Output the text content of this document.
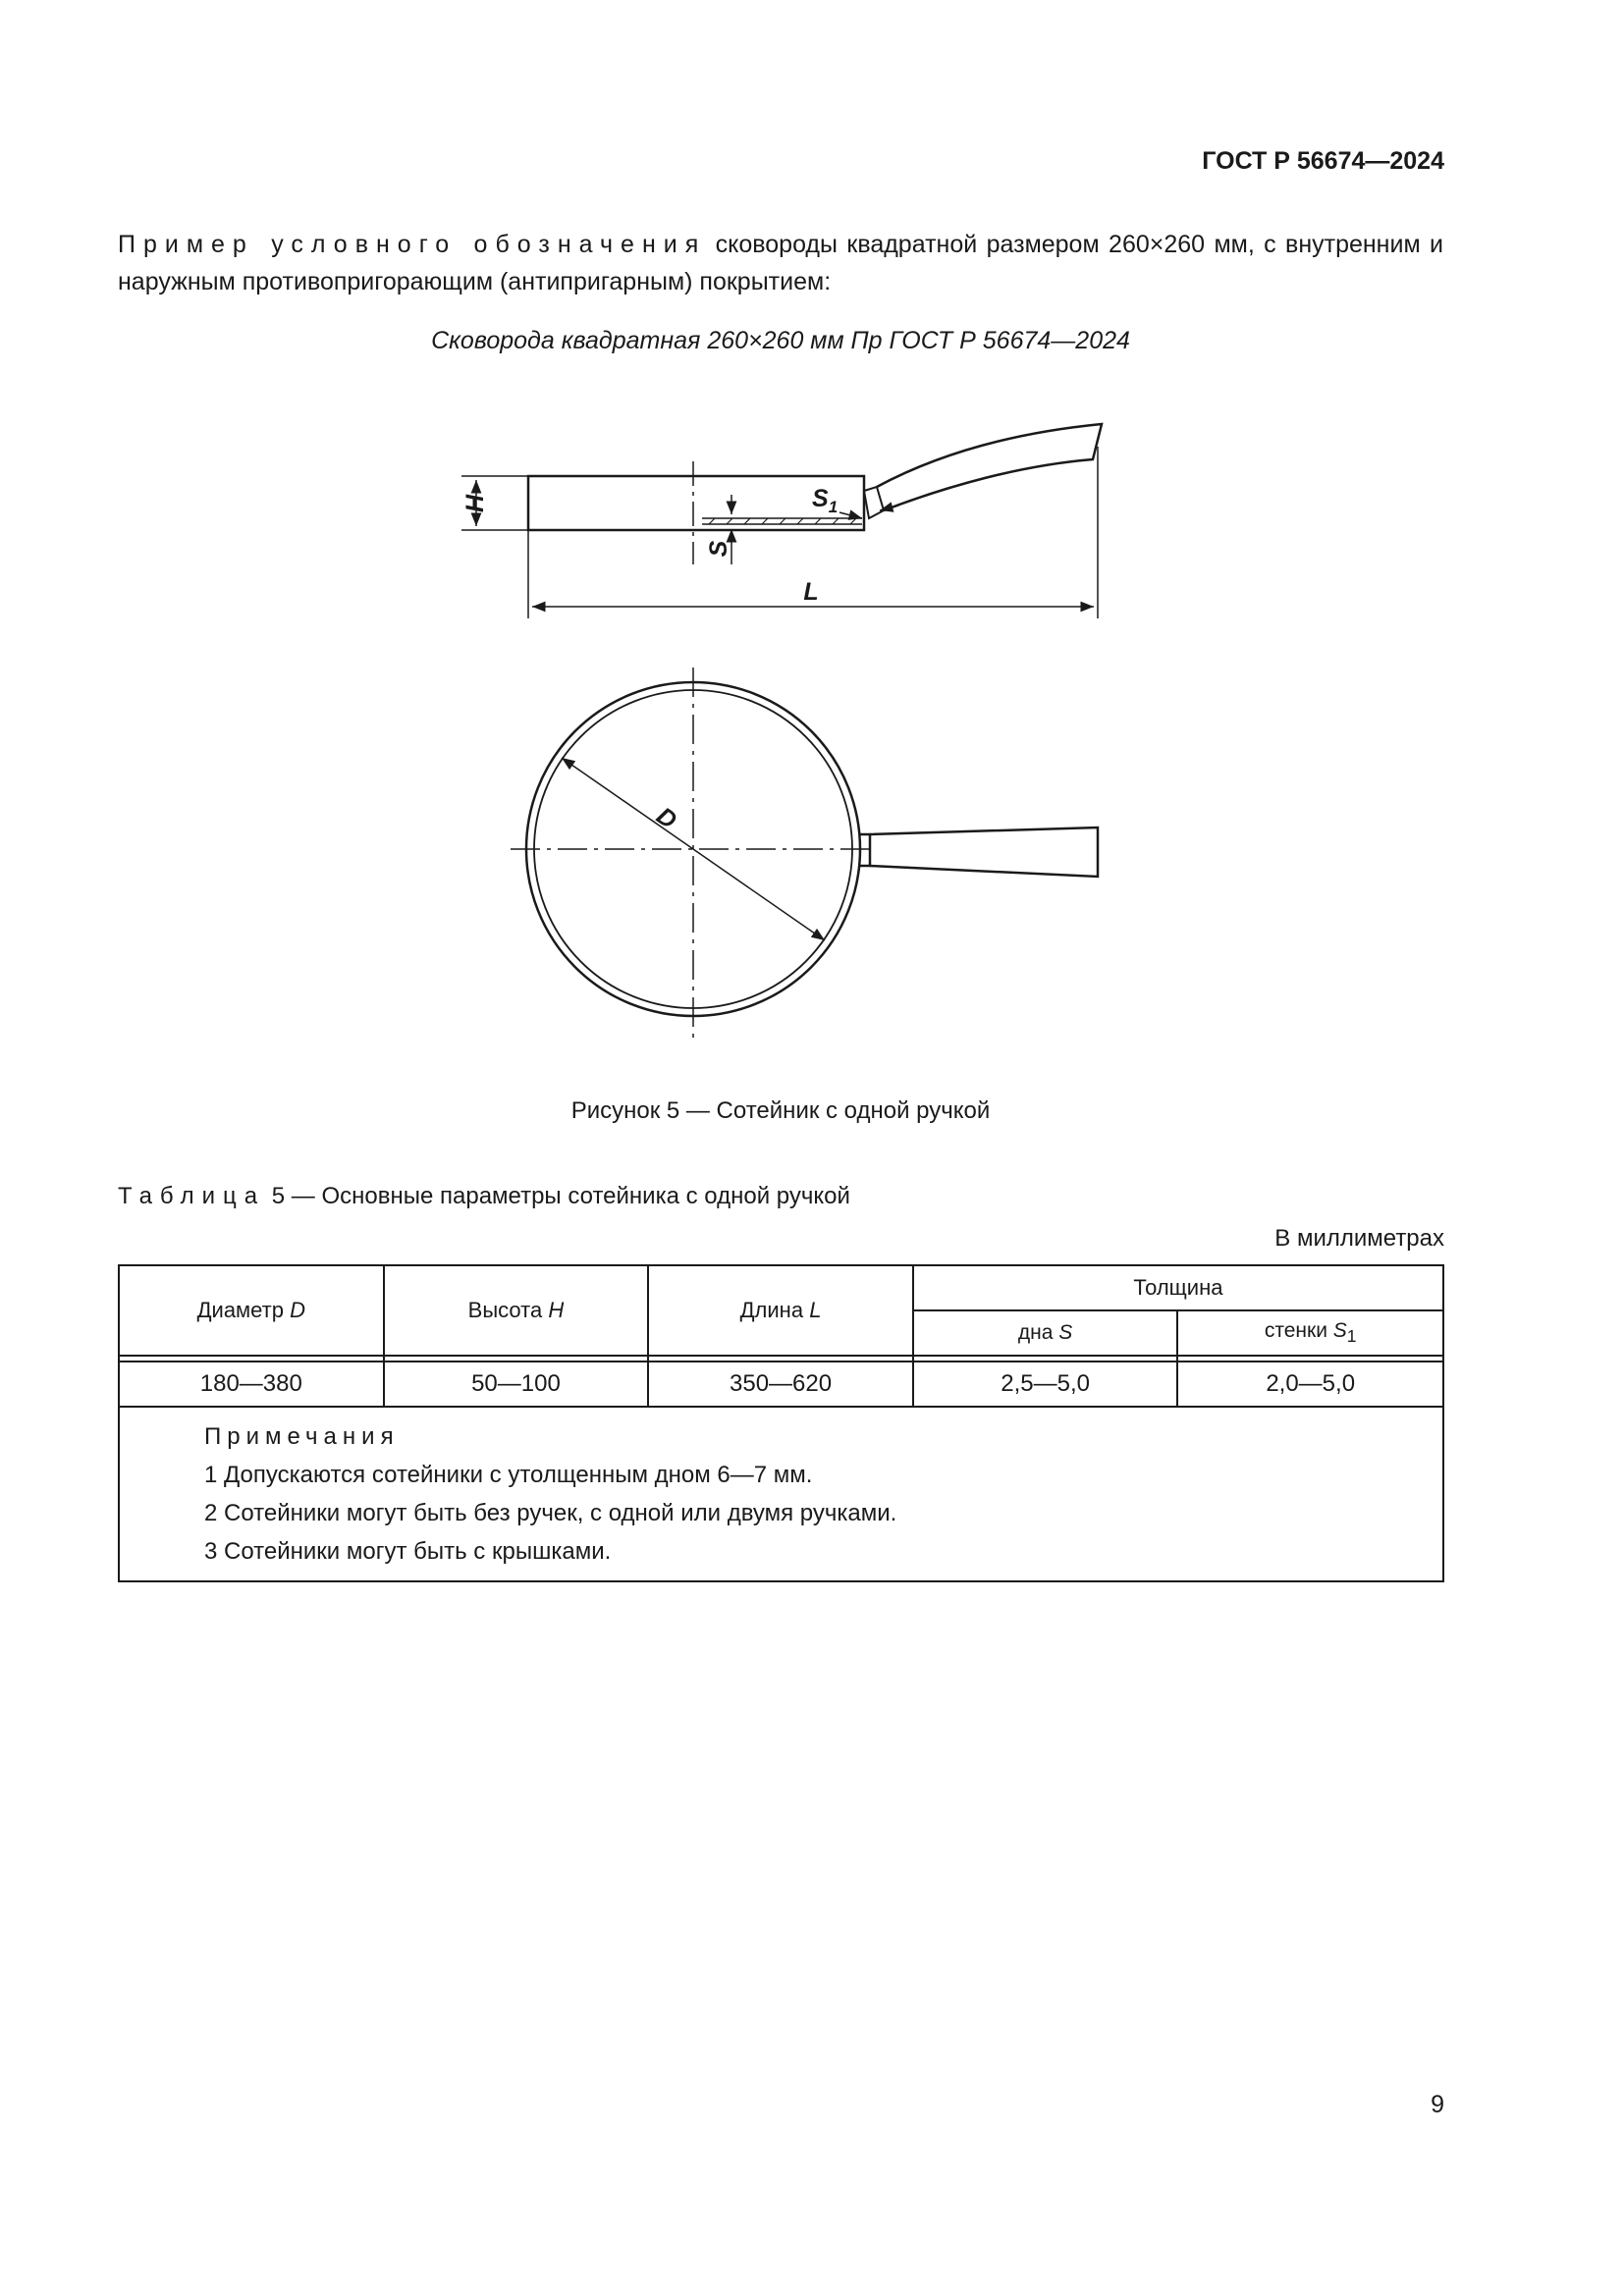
ГОСТ Р 56674—2024
Пример условного обозначения сковороды квадратной размером 260×260 мм, с внутренним и наружным противопригорающим (антипригарным) покрытием:
Сковорода квадратная 260×260 мм Пр ГОСТ Р 56674—2024
H	$S_1$
S
L
D
Рисунок 5 — Сотейник с одной ручкой
Таблица 5 — Основные параметры сотейника с одной ручкой
В миллиметрах
Диаметр D	Высота H	Длина L	Толщина	
			дна S	стенки $S_1$

180—380	50—100	350—620	2,5—5,0	2,0—5,0

Примечания
1 Допускаются сотейники с утолщенным дном 6—7 мм.
2 Сотейники могут быть без ручек, с одной или двумя ручками.
3 Сотейники могут быть с крышками.				
9
